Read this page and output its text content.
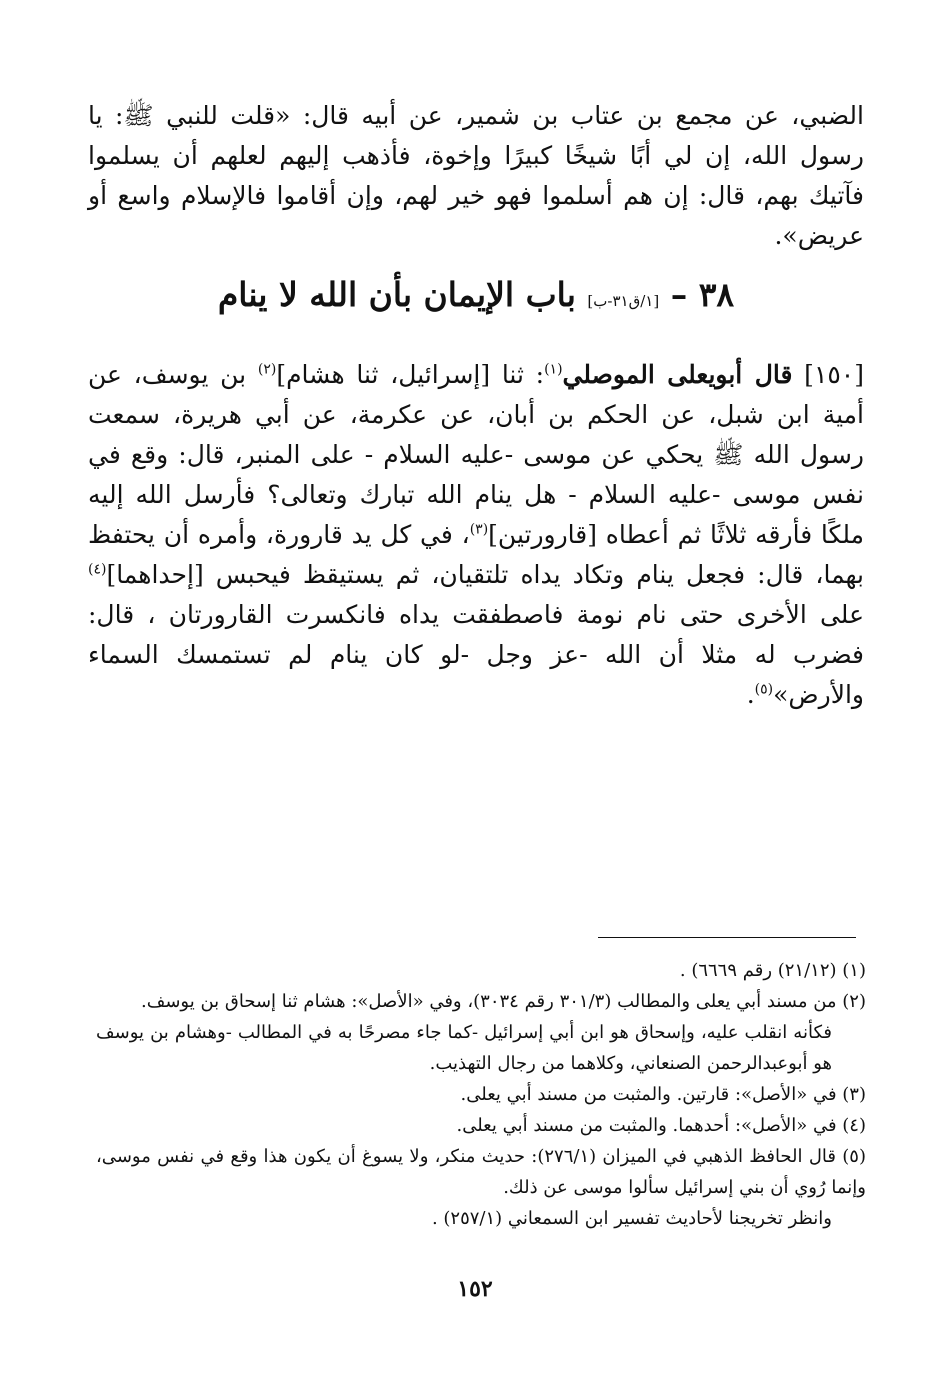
الضبي، عن مجمع بن عتاب بن شمير، عن أبيه قال: «قلت للنبي ﷺ: يا رسول الله، إن لي أبًا شيخًا كبيرًا وإخوة، فأذهب إليهم لعلهم أن يسلموا فآتيك بهم، قال: إن هم أسلموا فهو خير لهم، وإن أقاموا فالإسلام واسع أو عريض».
٣٨ – [١/ق٣١-ب] باب الإيمان بأن الله لا ينام
[١٥٠] قال أبويعلى الموصلي$^{(١)}$: ثنا [إسرائيل، ثنا هشام]$^{(٢)}$ بن يوسف، عن أمية ابن شبل، عن الحكم بن أبان، عن عكرمة، عن أبي هريرة، سمعت رسول الله ﷺ يحكي عن موسى -عليه السلام - على المنبر، قال: وقع في نفس موسى -عليه السلام - هل ينام الله تبارك وتعالى؟ فأرسل الله إليه ملكًا فأرقه ثلاثًا ثم أعطاه [قارورتين]$^{(٣)}$، في كل يد قارورة، وأمره أن يحتفظ بهما، قال: فجعل ينام وتكاد يداه تلتقيان، ثم يستيقظ فيحبس [إحداهما]$^{(٤)}$ على الأخرى حتى نام نومة فاصطفقت يداه فانكسرت القارورتان ، قال: فضرب له مثلا أن الله -عز وجل -لو كان ينام لم تستمسك السماء والأرض»$^{(٥)}$.

(١) (٢١/١٢) رقم ٦٦٦٩) .

(٢) من مسند أبي يعلى والمطالب (٣٠١/٣ رقم ٣٠٣٤)، وفي «الأصل»: هشام ثنا إسحاق بن يوسف.

فكأنه انقلب عليه، وإسحاق هو ابن أبي إسرائيل -كما جاء مصرحًا به في المطالب -وهشام بن يوسف هو أبوعبدالرحمن الصنعاني، وكلاهما من رجال التهذيب.

(٣) في «الأصل»: قارتين. والمثبت من مسند أبي يعلى.

(٤) في «الأصل»: أحدهما. والمثبت من مسند أبي يعلى.

(٥) قال الحافظ الذهبي في الميزان (٢٧٦/١): حديث منكر، ولا يسوغ أن يكون هذا وقع في نفس موسى، وإنما رُوي أن بني إسرائيل سألوا موسى عن ذلك.

وانظر تخريجنا لأحاديث تفسير ابن السمعاني (٢٥٧/١) .

١٥٢
